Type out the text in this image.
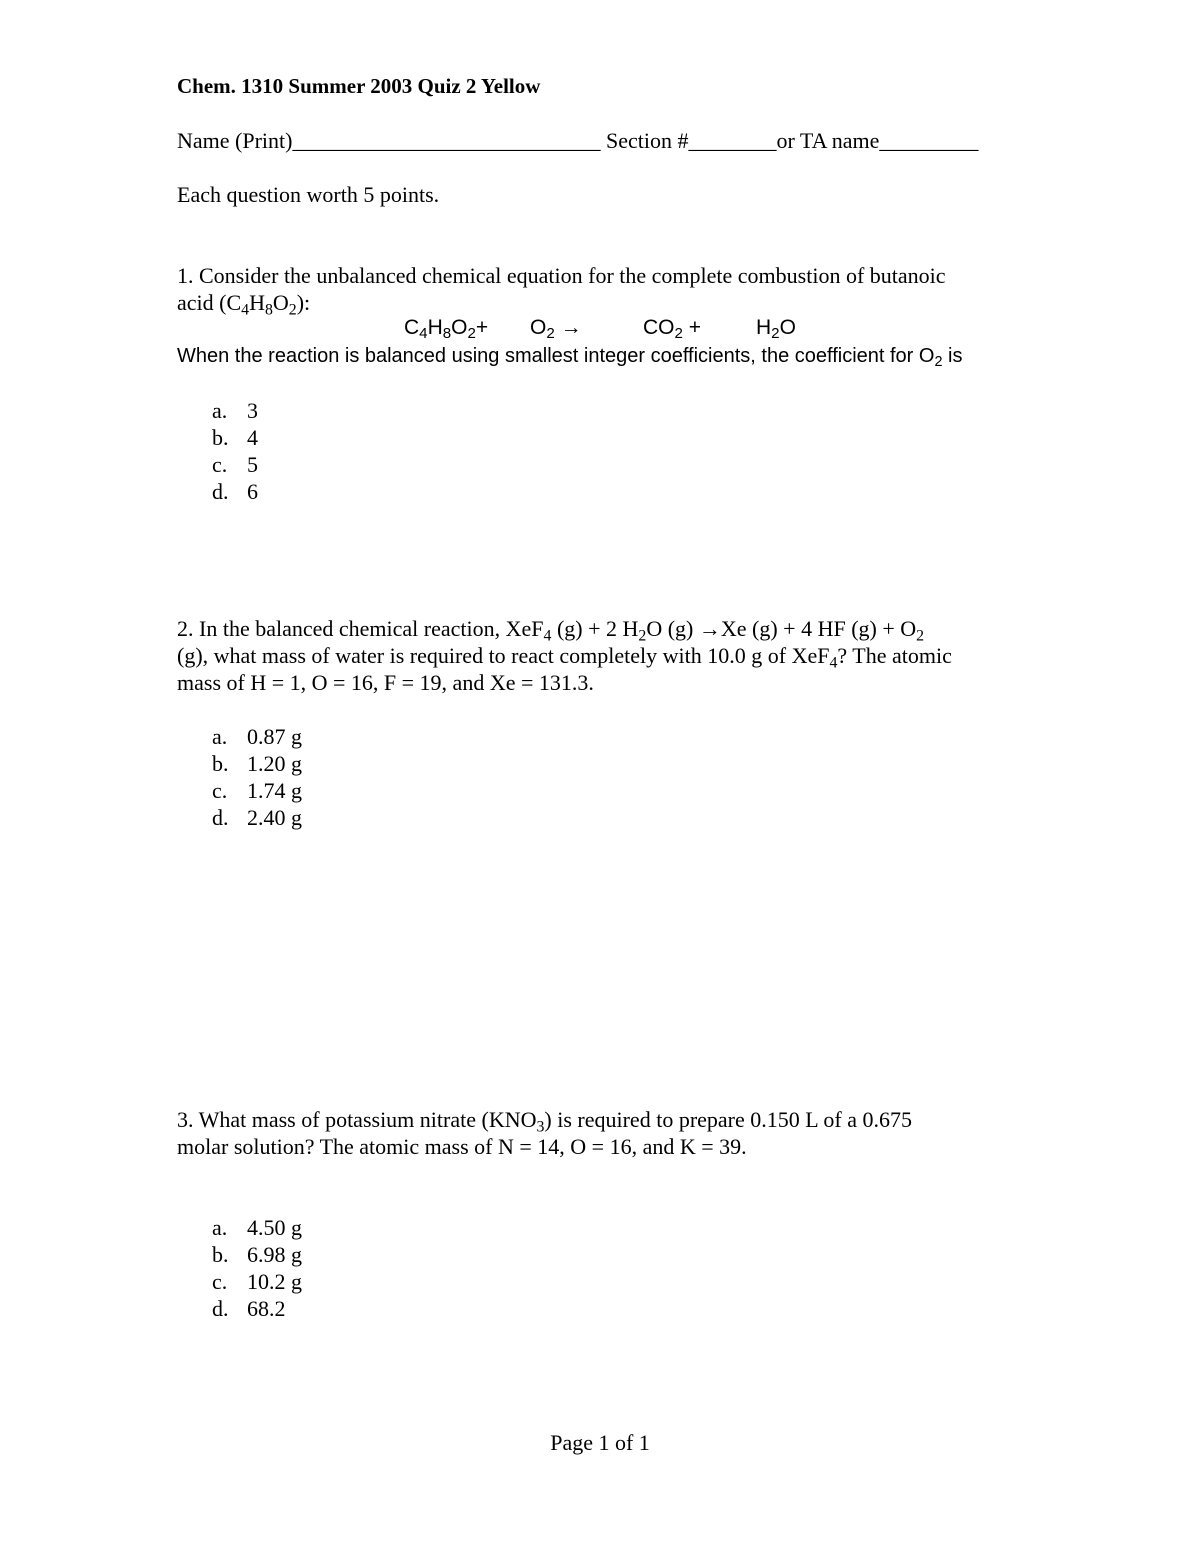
Chem. 1310 Summer 2003 Quiz 2 Yellow
Name (Print)____________________________ Section #________or TA name_________
Each question worth 5 points.
1. Consider the unbalanced chemical equation for the complete combustion of butanoic
acid $(C_4H_8O_2)$:
$C_4H_8O_2+ O_2$ →	$CO_2$ +	$H_2O$
When the reaction is balanced using smallest integer coefficients, the coefficient for $O_2$ is
a. 3
b. 4
c. 5
d. 6
2. In the balanced chemical reaction, XeF$_4$ (g) + 2 $H_2O$ (g) →Xe (g) + 4 HF $(g) + O_2$
(g), what mass of water is required to react completely with 10.0 g of XeF$_4$? The atomic
mass of H = 1, O = 16, F = 19, and Xe = 131.3.
a. 0.87 g
b. 1.20 g
c. 1.74 g
d. 2.40 g
3. What mass of potassium nitrate $(KNO_3)$ is required to prepare 0.150 L of a 0.675
molar solution? The atomic mass of N = 14, O = 16, and K = 39.
a. 4.50 g
b. 6.98 g
c. 10.2 g
d. 68.2
Page 1 of 1
